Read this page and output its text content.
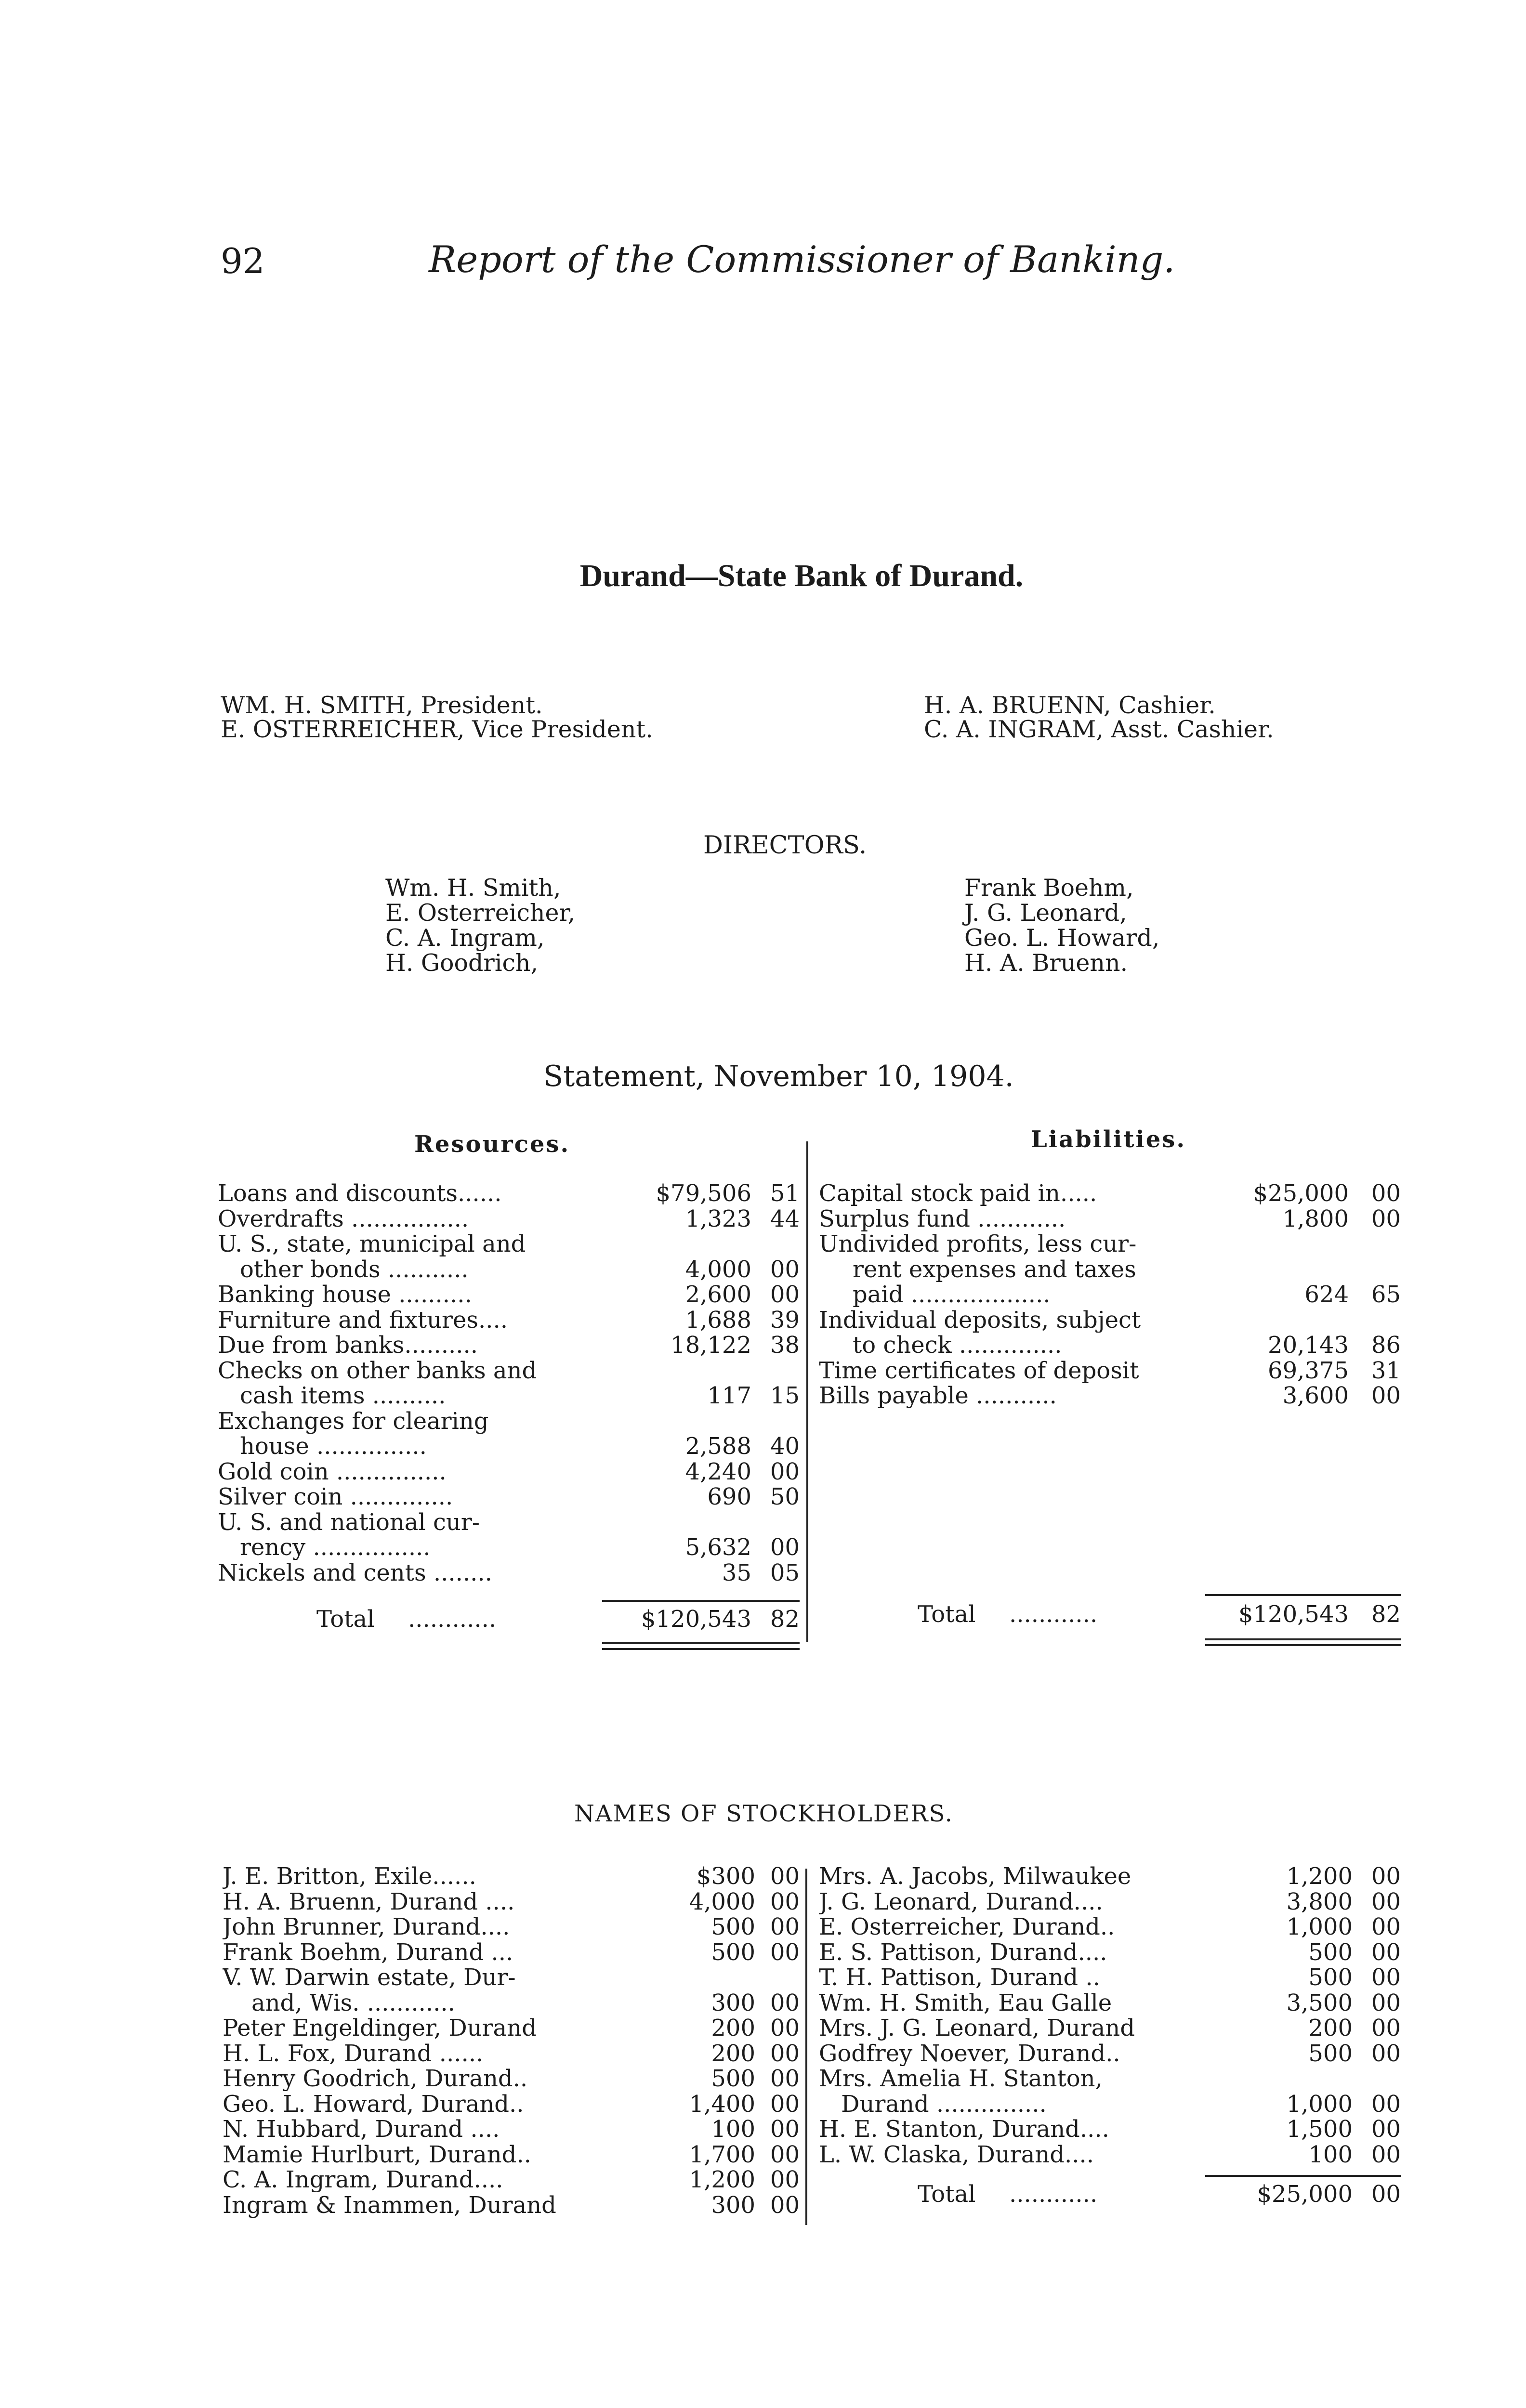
92	Report of the Commissioner of Banking.
Durand—State Bank of Durand.
WM. H. SMITH, President.
E. OSTERREICHER, Vice President.
H. A. BRUENN, Cashier.
C. A. INGRAM, Asst. Cashier.
DIRECTORS.
Wm. H. Smith,
E. Osterreicher,
C. A. Ingram,
H. Goodrich,
Frank Boehm,
J. G. Leonard,
Geo. L. Howard,
H. A. Bruenn.
Statement, November 10, 1904.
Resources.	Liabilities.
Loans and discounts......	$79,506 51
Overdrafts ................	1,323 44
U. S., state, municipal and
other bonds ...........	4,000 00
Banking house ..........	2,600 00
Furniture and fixtures....	1,688 39
Due from banks..........	18,122 38
Checks on other banks and
cash items ..........	117 15
Exchanges for clearing
house ...............	2,588 40
Gold coin ...............	4,240 00
Silver coin ..............	690 50
U. S. and national cur-
rency ................	5,632 00
Nickels and cents ........	35 05
Capital stock paid in.....	$25,000 00
Surplus fund ............	1,800 00
Undivided profits, less cur-
rent expenses and taxes
paid ...................	624 65
Individual deposits, subject
to check ..............	20,143 86
Time certificates of deposit	69,375 31
Bills payable ...........	3,600 00
Total ............	$120,543 82	Total ............	$120,543 82
NAMES OF STOCKHOLDERS.
J. E. Britton, Exile......	$300 00
H. A. Bruenn, Durand ....	4,000 00
John Brunner, Durand....	500 00
Frank Boehm, Durand ...	500 00
V. W. Darwin estate, Dur-
and, Wis. ............	300 00
Peter Engeldinger, Durand	200 00
H. L. Fox, Durand ......	200 00
Henry Goodrich, Durand..	500 00
Geo. L. Howard, Durand..	1,400 00
N. Hubbard, Durand ....	100 00
Mamie Hurlburt, Durand..	1,700 00
C. A. Ingram, Durand....	1,200 00
Ingram & Inammen, Durand	300 00
Mrs. A. Jacobs, Milwaukee	1,200 00
J. G. Leonard, Durand....	3,800 00
E. Osterreicher, Durand..	1,000 00
E. S. Pattison, Durand....	500 00
T. H. Pattison, Durand ..	500 00
Wm. H. Smith, Eau Galle	3,500 00
Mrs. J. G. Leonard, Durand	200 00
Godfrey Noever, Durand..	500 00
Mrs. Amelia H. Stanton,
Durand ...............	1,000 00
H. E. Stanton, Durand....	1,500 00
L. W. Claska, Durand....	100 00
Total ............	$25,000 00
